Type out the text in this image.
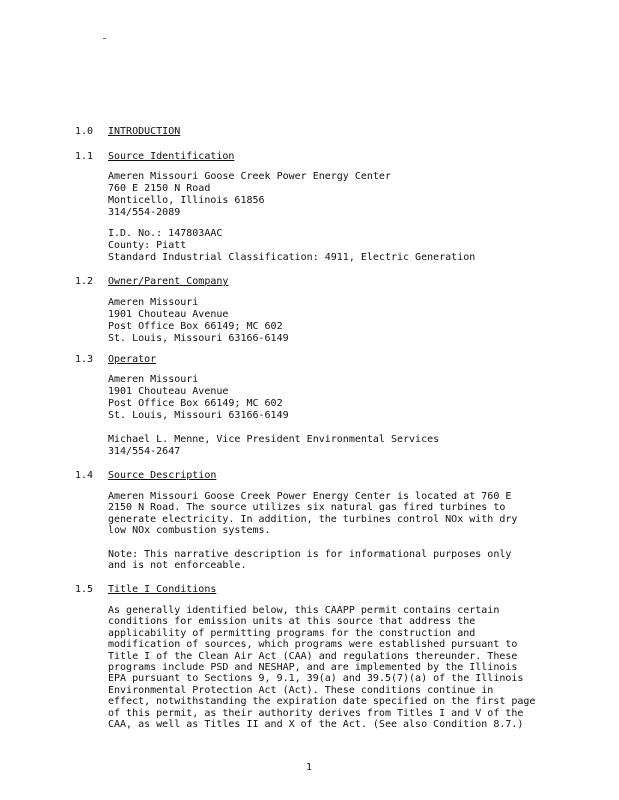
1.0 INTRODUCTION
1.1 Source Identification
Ameren Missouri Goose Creek Power Energy Center
760 E 2150 N Road
Monticello, Illinois 61856
314/554-2089
I.D. No.: 147803AAC
County: Piatt
Standard Industrial Classification: 4911, Electric Generation
1.2 Owner/Parent Company
Ameren Missouri
1901 Chouteau Avenue
Post Office Box 66149; MC 602
St. Louis, Missouri 63166-6149
1.3 Operator
Ameren Missouri
1901 Chouteau Avenue
Post Office Box 66149; MC 602
St. Louis, Missouri 63166-6149
Michael L. Menne, Vice President Environmental Services
314/554-2647
1.4 Source Description
Ameren Missouri Goose Creek Power Energy Center is located at 760 E
2150 N Road. The source utilizes six natural gas fired turbines to
generate electricity. In addition, the turbines control NOx with dry
low NOx combustion systems.
Note: This narrative description is for informational purposes only
and is not enforceable.
1.5 Title I Conditions
As generally identified below, this CAAPP permit contains certain
conditions for emission units at this source that address the
applicability of permitting programs for the construction and
modification of sources, which programs were established pursuant to
Title I of the Clean Air Act (CAA) and regulations thereunder. These
programs include PSD and NESHAP, and are implemented by the Illinois
EPA pursuant to Sections 9, 9.1, 39(a) and 39.5(7)(a) of the Illinois
Environmental Protection Act (Act). These conditions continue in
effect, notwithstanding the expiration date specified on the first page
of this permit, as their authority derives from Titles I and V of the
CAA, as well as Titles II and X of the Act. (See also Condition 8.7.)
1
